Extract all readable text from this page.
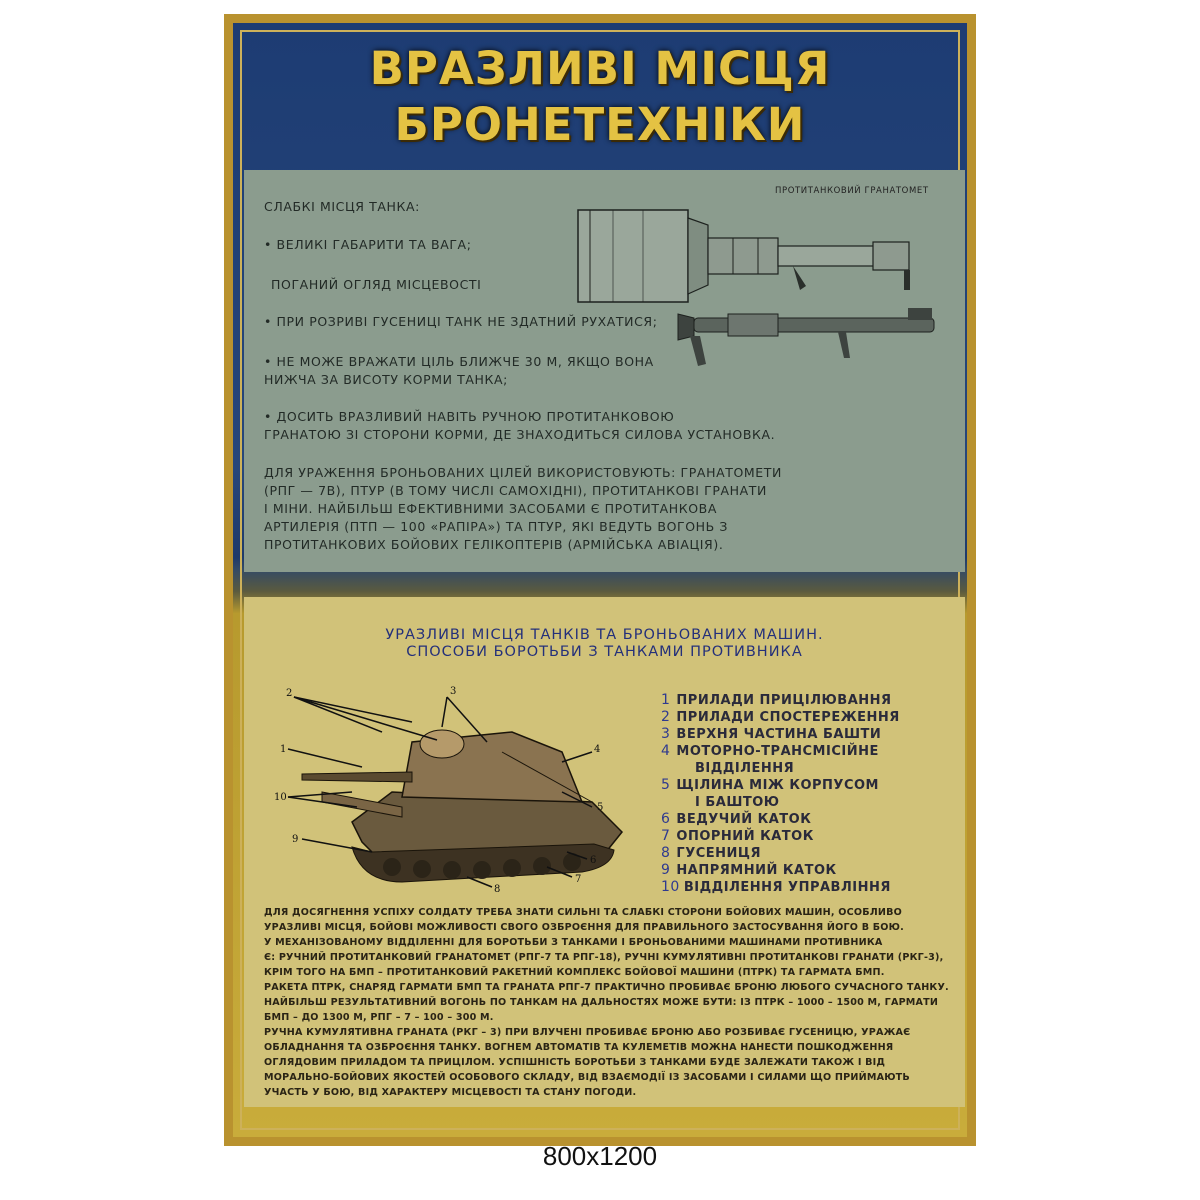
ВРАЗЛИВІ МІСЦЯ
БРОНЕТЕХНІКИ
СЛАБКІ МІСЦЯ ТАНКА:
• ВЕЛИКІ ГАБАРИТИ ТА ВАГА;
ПОГАНИЙ ОГЛЯД МІСЦЕВОСТІ
• ПРИ РОЗРИВІ ГУСЕНИЦІ ТАНК НЕ ЗДАТНИЙ РУХАТИСЯ;
• НЕ МОЖЕ ВРАЖАТИ ЦІЛЬ БЛИЖЧЕ 30 М, ЯКЩО ВОНА
НИЖЧА ЗА ВИСОТУ КОРМИ ТАНКА;
• ДОСИТЬ ВРАЗЛИВИЙ НАВІТЬ РУЧНОЮ ПРОТИТАНКОВОЮ
ГРАНАТОЮ ЗІ СТОРОНИ КОРМИ, ДЕ ЗНАХОДИТЬСЯ СИЛОВА УСТАНОВКА.
ДЛЯ УРАЖЕННЯ БРОНЬОВАНИХ ЦІЛЕЙ ВИКОРИСТОВУЮТЬ: ГРАНАТОМЕТИ
(РПГ — 7В), ПТУР (В ТОМУ ЧИСЛІ САМОХІДНІ), ПРОТИТАНКОВІ ГРАНАТИ
І МІНИ. НАЙБІЛЬШ ЕФЕКТИВНИМИ ЗАСОБАМИ Є ПРОТИТАНКОВА
АРТИЛЕРІЯ (ПТП — 100 «РАПІРА») ТА ПТУР, ЯКІ ВЕДУТЬ ВОГОНЬ З
ПРОТИТАНКОВИХ БОЙОВИХ ГЕЛІКОПТЕРІВ (АРМІЙСЬКА АВІАЦІЯ).
ПРОТИТАНКОВИЙ ГРАНАТОМЕТ
УРАЗЛИВІ МІСЦЯ ТАНКІВ ТА БРОНЬОВАНИХ МАШИН.
СПОСОБИ БОРОТЬБИ З ТАНКАМИ ПРОТИВНИКА
2	3
4
5
1
10
9
8
7
6
1 ПРИЛАДИ ПРИЦІЛЮВАННЯ
2 ПРИЛАДИ СПОСТЕРЕЖЕННЯ
3 ВЕРХНЯ ЧАСТИНА БАШТИ
4 МОТОРНО-ТРАНСМІСІЙНЕ
ВІДДІЛЕННЯ
5 ЩІЛИНА МІЖ КОРПУСОМ
І БАШТОЮ
6 ВЕДУЧИЙ КАТОК
7 ОПОРНИЙ КАТОК
8 ГУСЕНИЦЯ
9 НАПРЯМНИЙ КАТОК
10 ВІДДІЛЕННЯ УПРАВЛІННЯ

ДЛЯ ДОСЯГНЕННЯ УСПІХУ СОЛДАТУ ТРЕБА ЗНАТИ СИЛЬНІ ТА СЛАБКІ СТОРОНИ БОЙОВИХ МАШИН, ОСОБЛИВО

УРАЗЛИВІ МІСЦЯ, БОЙОВІ МОЖЛИВОСТІ СВОГО ОЗБРОЄННЯ ДЛЯ ПРАВИЛЬНОГО ЗАСТОСУВАННЯ ЙОГО В БОЮ.

У МЕХАНІЗОВАНОМУ ВІДДІЛЕННІ ДЛЯ БОРОТЬБИ З ТАНКАМИ І БРОНЬОВАНИМИ МАШИНАМИ ПРОТИВНИКА

Є: РУЧНИЙ ПРОТИТАНКОВИЙ ГРАНАТОМЕТ (РПГ-7 ТА РПГ-18), РУЧНІ КУМУЛЯТИВНІ ПРОТИТАНКОВІ ГРАНАТИ (РКГ-3),

КРІМ ТОГО НА БМП – ПРОТИТАНКОВИЙ РАКЕТНИЙ КОМПЛЕКС БОЙОВОЇ МАШИНИ (ПТРК) ТА ГАРМАТА БМП.

РАКЕТА ПТРК, СНАРЯД ГАРМАТИ БМП ТА ГРАНАТА РПГ-7 ПРАКТИЧНО ПРОБИВАЄ БРОНЮ ЛЮБОГО СУЧАСНОГО ТАНКУ.

НАЙБІЛЬШ РЕЗУЛЬТАТИВНИЙ ВОГОНЬ ПО ТАНКАМ НА ДАЛЬНОСТЯХ МОЖЕ БУТИ: ІЗ ПТРК – 1000 – 1500 М, ГАРМАТИ

БМП – ДО 1300 М, РПГ – 7 – 100 – 300 М.

РУЧНА КУМУЛЯТИВНА ГРАНАТА (РКГ – 3) ПРИ ВЛУЧЕНІ ПРОБИВАЄ БРОНЮ АБО РОЗБИВАЄ ГУСЕНИЦЮ, УРАЖАЄ

ОБЛАДНАННЯ ТА ОЗБРОЄННЯ ТАНКУ. ВОГНЕМ АВТОМАТІВ ТА КУЛЕМЕТІВ МОЖНА НАНЕСТИ ПОШКОДЖЕННЯ

ОГЛЯДОВИМ ПРИЛАДОМ ТА ПРИЦІЛОМ. УСПІШНІСТЬ БОРОТЬБИ З ТАНКАМИ БУДЕ ЗАЛЕЖАТИ ТАКОЖ І ВІД

МОРАЛЬНО-БОЙОВИХ ЯКОСТЕЙ ОСОБОВОГО СКЛАДУ, ВІД ВЗАЄМОДІЇ ІЗ ЗАСОБАМИ І СИЛАМИ ЩО ПРИЙМАЮТЬ

УЧАСТЬ У БОЮ, ВІД ХАРАКТЕРУ МІСЦЕВОСТІ ТА СТАНУ ПОГОДИ.

800x1200
